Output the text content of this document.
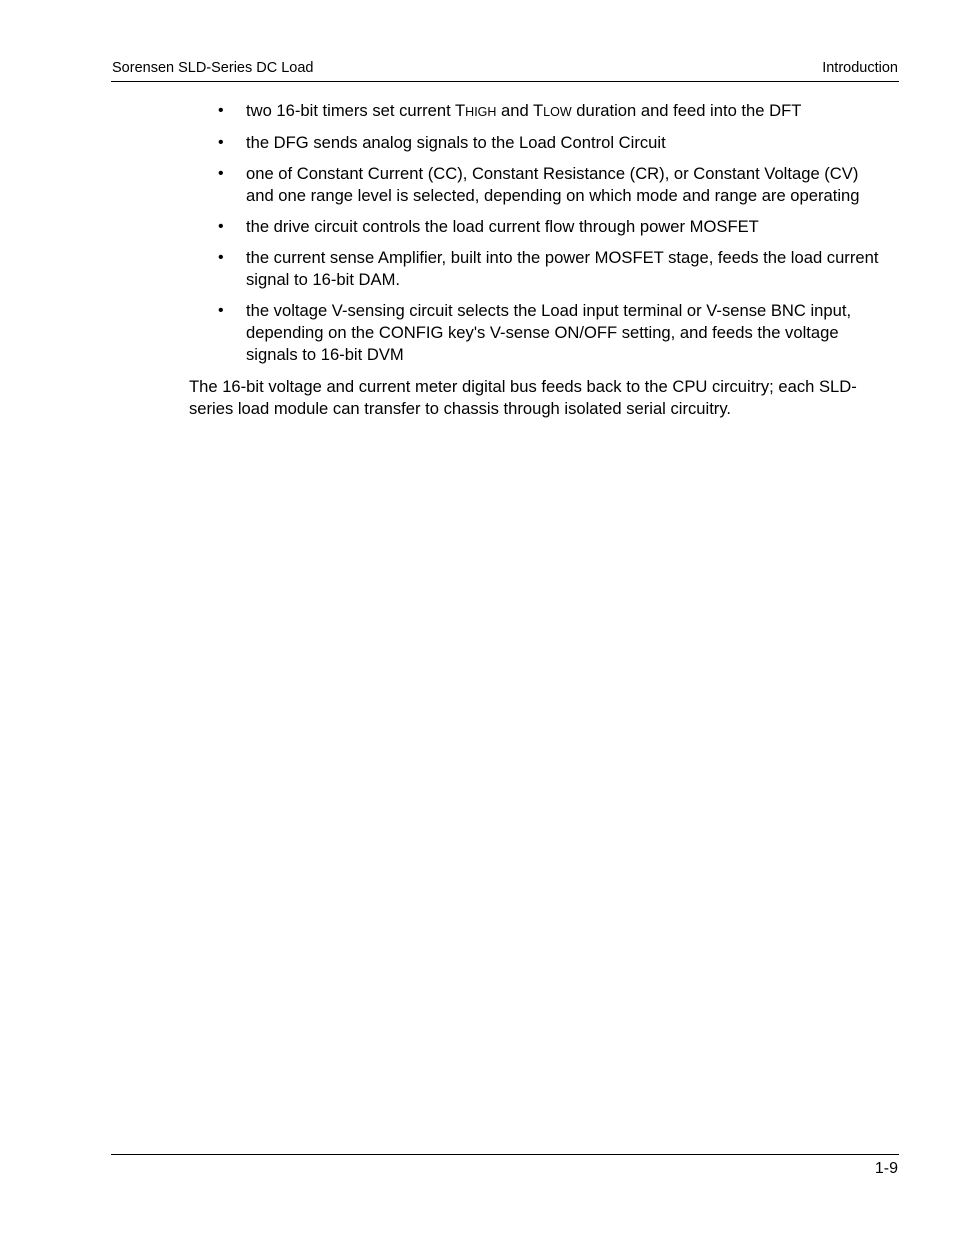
Sorensen SLD-Series DC Load	Introduction
• two 16-bit timers set current THIGH and TLOW duration and feed into the DFT
• the DFG sends analog signals to the Load Control Circuit
• one of Constant Current (CC), Constant Resistance (CR), or Constant Voltage (CV) and one range level is selected, depending on which mode and range are operating
• the drive circuit controls the load current flow through power MOSFET
• the current sense Amplifier, built into the power MOSFET stage, feeds the load current signal to 16-bit DAM.
• the voltage V-sensing circuit selects the Load input terminal or V-sense BNC input, depending on the CONFIG key's V-sense ON/OFF setting, and feeds the voltage signals to 16-bit DVM

The 16-bit voltage and current meter digital bus feeds back to the CPU circuitry; each SLD-series load module can transfer to chassis through isolated serial circuitry.

1-9
